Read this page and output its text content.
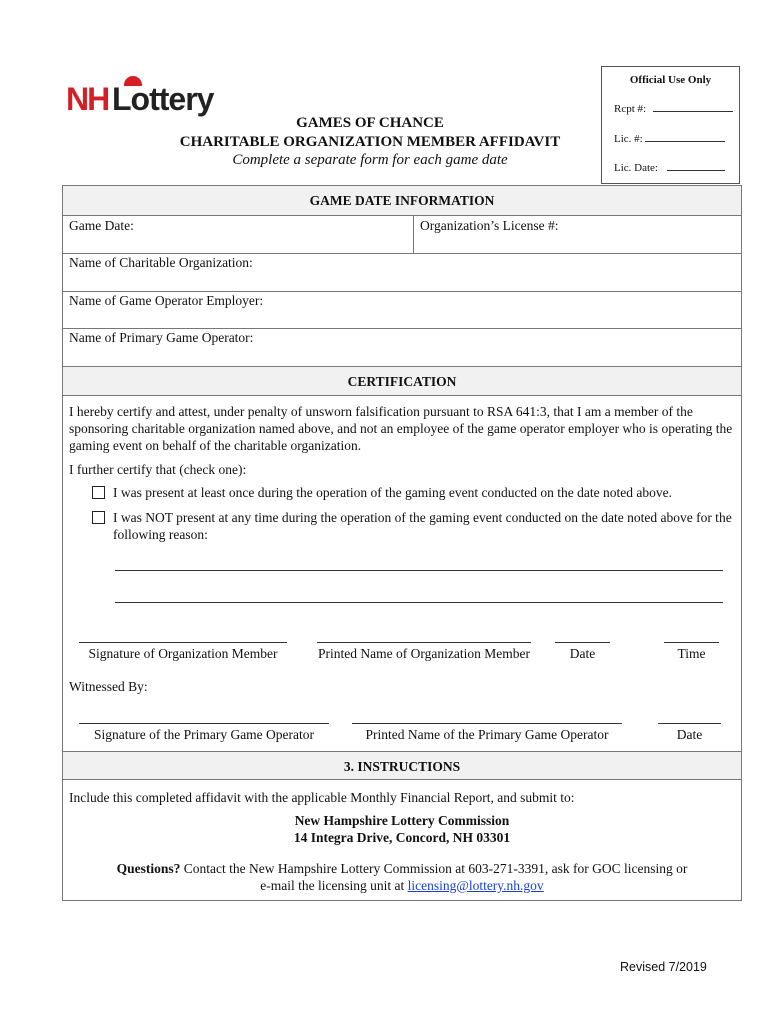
NH Lottery
GAMES OF CHANCE
CHARITABLE ORGANIZATION MEMBER AFFIDAVIT
Complete a separate form for each game date
Official Use Only
Rcpt #:
Lic. #:
Lic. Date:
GAME DATE INFORMATION
Game Date:	Organization’s License #:
Name of Charitable Organization:
Name of Game Operator Employer:
Name of Primary Game Operator:
CERTIFICATION
I hereby certify and attest, under penalty of unsworn falsification pursuant to RSA 641:3, that I am a member of the sponsoring charitable organization named above, and not an employee of the game operator employer who is operating the gaming event on behalf of the charitable organization.
I further certify that (check one):
I was present at least once during the operation of the gaming event conducted on the date noted above.
I was NOT present at any time during the operation of the gaming event conducted on the date noted above for the following reason:
Signature of Organization Member	Printed Name of Organization Member	Date	Time
Witnessed By:
Signature of the Primary Game Operator	Printed Name of the Primary Game Operator	Date
3. INSTRUCTIONS
Include this completed affidavit with the applicable Monthly Financial Report, and submit to:
New Hampshire Lottery Commission
14 Integra Drive, Concord, NH 03301
Questions? Contact the New Hampshire Lottery Commission at 603-271-3391, ask for GOC licensing or
e-mail the licensing unit at licensing@lottery.nh.gov
Revised 7/2019
